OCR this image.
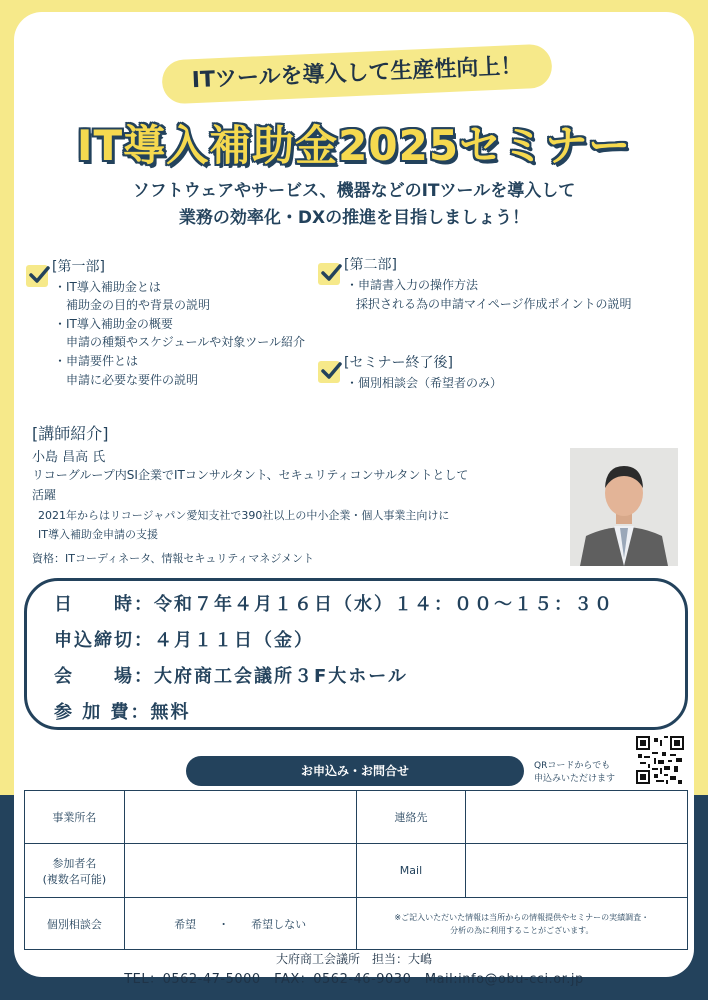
ITツールを導入して生産性向上！
IT導入補助金2025セミナー
ソフトウェアやサービス、機器などのITツールを導入して
業務の効率化・DXの推進を目指しましょう！
[第一部]
・IT導入補助金とは
補助金の目的や背景の説明
・IT導入補助金の概要
申請の種類やスケジュールや対象ツール紹介
・申請要件とは
申請に必要な要件の説明
[第二部]
・申請書入力の操作方法
採択される為の申請マイページ作成ポイントの説明
[セミナー終了後]
・個別相談会（希望者のみ）
[講師紹介]
小島 昌高 氏
リコーグループ内SI企業でITコンサルタント、セキュリティコンサルタントとして
活躍
2021年からはリコージャパン愛知支社で390社以上の中小企業・個人事業主向けに
IT導入補助金申請の支援
資格：ITコーディネータ、情報セキュリティマネジメント
日　　時：令和７年４月１６日（水）１４：００～１５：３０
申込締切：４月１１日（金）
会　　場：大府商工会議所３F大ホール
参 加 費：無料
お申込み・お問合せ	QRコードからでも
申込みいただけます
事業所名		連絡先	

参加者名
(複数名可能)		Mail	
個別相談会	希望　　・　　希望しない	※ご記入いただいた情報は当所からの情報提供やセミナーの実績調査・
分析の為に利用することがございます。	
大府商工会議所　担当：大嶋
TEL：0562-47-5000　FAX：0562-46-9030　Mail:info@obu-cci.or.jp
